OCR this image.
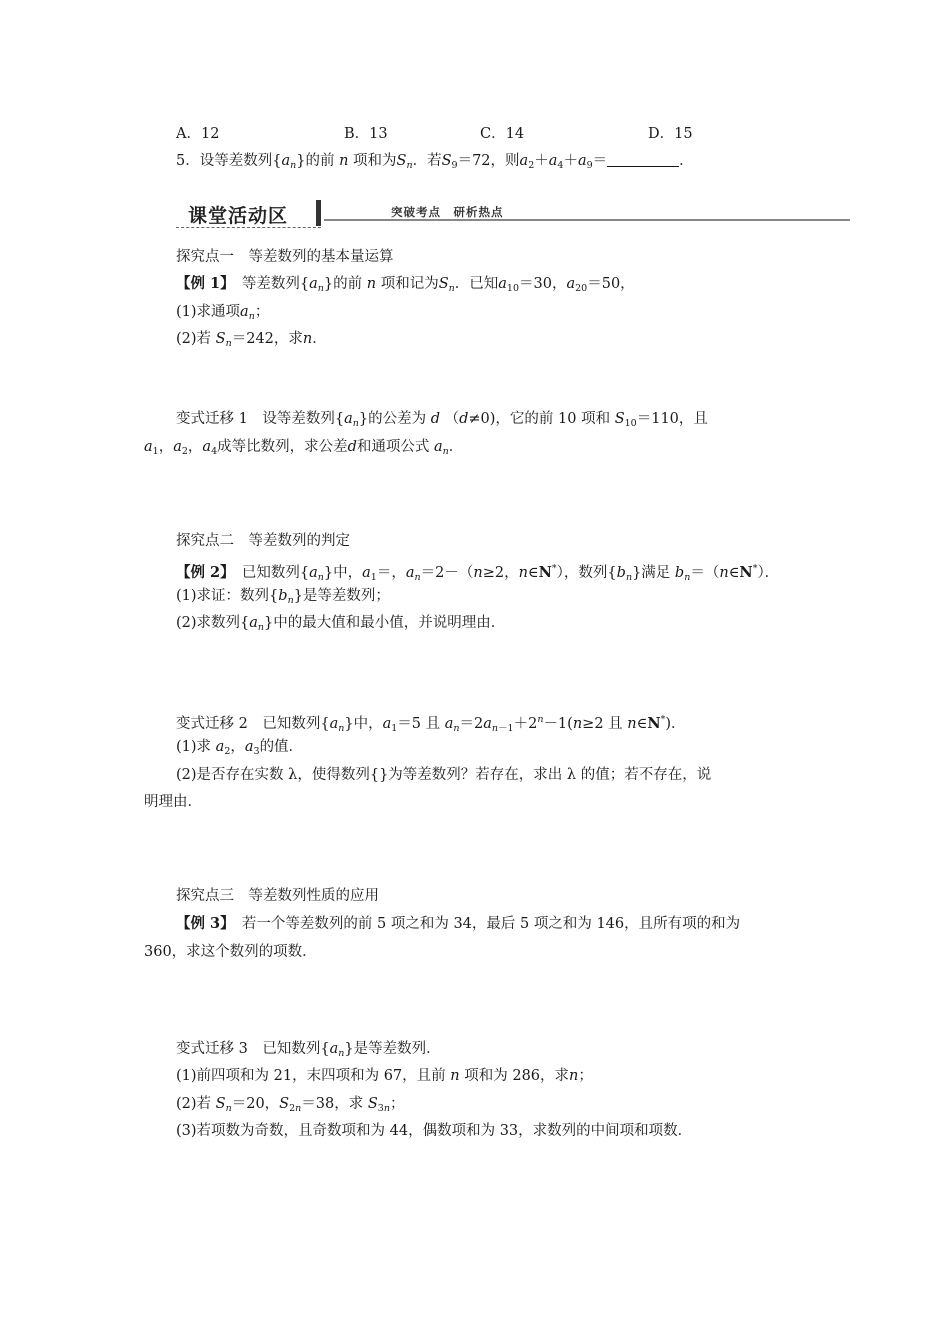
A．12	B．13	C．14	D．15
5．设等差数列$\{a_n\}$的前 n 项和为$S_n$．若$S_9=72$，则$a_2+a_4+a_9=$	．
课堂活动区	突破考点　研析热点
探究点一　等差数列的基本量运算
【例 1】　 等差数列$\{a_n\}$的前 n 项和记为$S_n$．已知$a_{10}=30$，$a_{20}=50$，
(1)求通项$a_n$；
(2)若 $S_n=242$，求n．
变式迁移 1　设等差数列$\{a_n\}$的公差为 d （d≠0)，它的前 10 项和 $S_{10}=110$，且
$a_1$，$a_2$，$a_4$成等比数列，求公差d和通项公式 $a_n$．
探究点二　等差数列的判定
【例 2】　 已知数列$\{a_n\}$中，$a_1=$，$a_n=2-(n\ge 2$，n∈N*），数列$\{b_n\}$满足 $b_n=(n\in N^*)$．
(1)求证：数列$\{b_n\}$是等差数列；
(2)求数列$\{a_n\}$中的最大值和最小值，并说明理由．
变式迁移 2　已知数列$\{a_n\}$中，$a_1=5$ 且 $a_n=2a_{n-1}+2^n-1(n\ge 2$ 且 n∈N*)．
(1)求 $a_2$，$a_3$的值．
(2)是否存在实数 λ，使得数列{}为等差数列？若存在，求出 λ 的值；若不存在，说
明理由．
探究点三　等差数列性质的应用
【例 3】　 若一个等差数列的前 5 项之和为 34，最后 5 项之和为 146，且所有项的和为
360，求这个数列的项数．
变式迁移 3　已知数列$\{a_n\}$是等差数列．
(1)前四项和为 21，末四项和为 67，且前 n 项和为 286，求n；
(2)若 $S_n=20$，$S_{2n}=38$，求 $S_{3n}$；
(3)若项数为奇数，且奇数项和为 44，偶数项和为 33，求数列的中间项和项数．
